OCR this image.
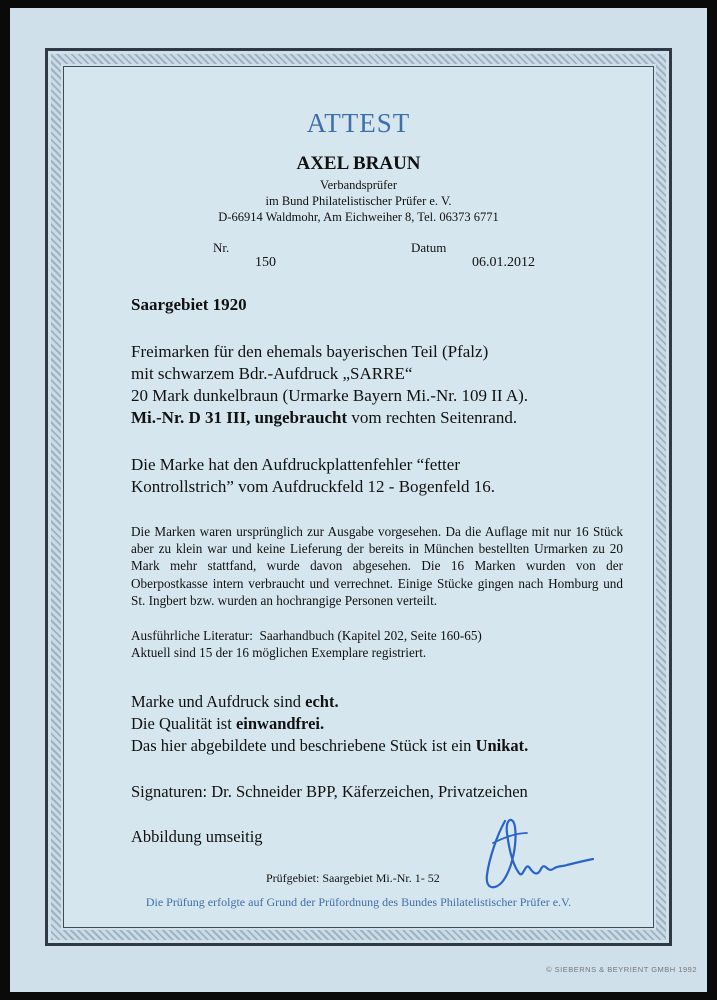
ATTEST
AXEL BRAUN
Verbandsprüfer
im Bund Philatelistischer Prüfer e. V.
D-66914 Waldmohr, Am Eichweiher 8, Tel. 06373 6771
Nr.
150
Datum
06.01.2012
Saargebiet 1920
Freimarken für den ehemals bayerischen Teil (Pfalz)
mit schwarzem Bdr.-Aufdruck „SARRE“
20 Mark dunkelbraun (Urmarke Bayern Mi.-Nr. 109 II A).
Mi.-Nr. D 31 III, ungebraucht vom rechten Seitenrand.
Die Marke hat den Aufdruckplattenfehler “fetter
Kontrollstrich” vom Aufdruckfeld 12 - Bogenfeld 16.
Die Marken waren ursprünglich zur Ausgabe vorgesehen. Da die Auflage mit nur 16 Stück aber zu klein war und keine Lieferung der bereits in München bestellten Urmarken zu 20 Mark mehr stattfand, wurde davon abgesehen. Die 16 Marken wurden von der Oberpostkasse intern verbraucht und verrechnet. Einige Stücke gingen nach Homburg und St. Ingbert bzw. wurden an hochrangige Personen verteilt.
Ausführliche Literatur:  Saarhandbuch (Kapitel 202, Seite 160-65)
Aktuell sind 15 der 16 möglichen Exemplare registriert.
Marke und Aufdruck sind echt.
Die Qualität ist einwandfrei.
Das hier abgebildete und beschriebene Stück ist ein Unikat.
Signaturen: Dr. Schneider BPP, Käferzeichen, Privatzeichen
Abbildung umseitig
Prüfgebiet: Saargebiet Mi.-Nr. 1- 52
Die Prüfung erfolgte auf Grund der Prüfordnung des Bundes Philatelistischer Prüfer e.V.
© SIEBERNS & BEYRIENT GMBH 1992
